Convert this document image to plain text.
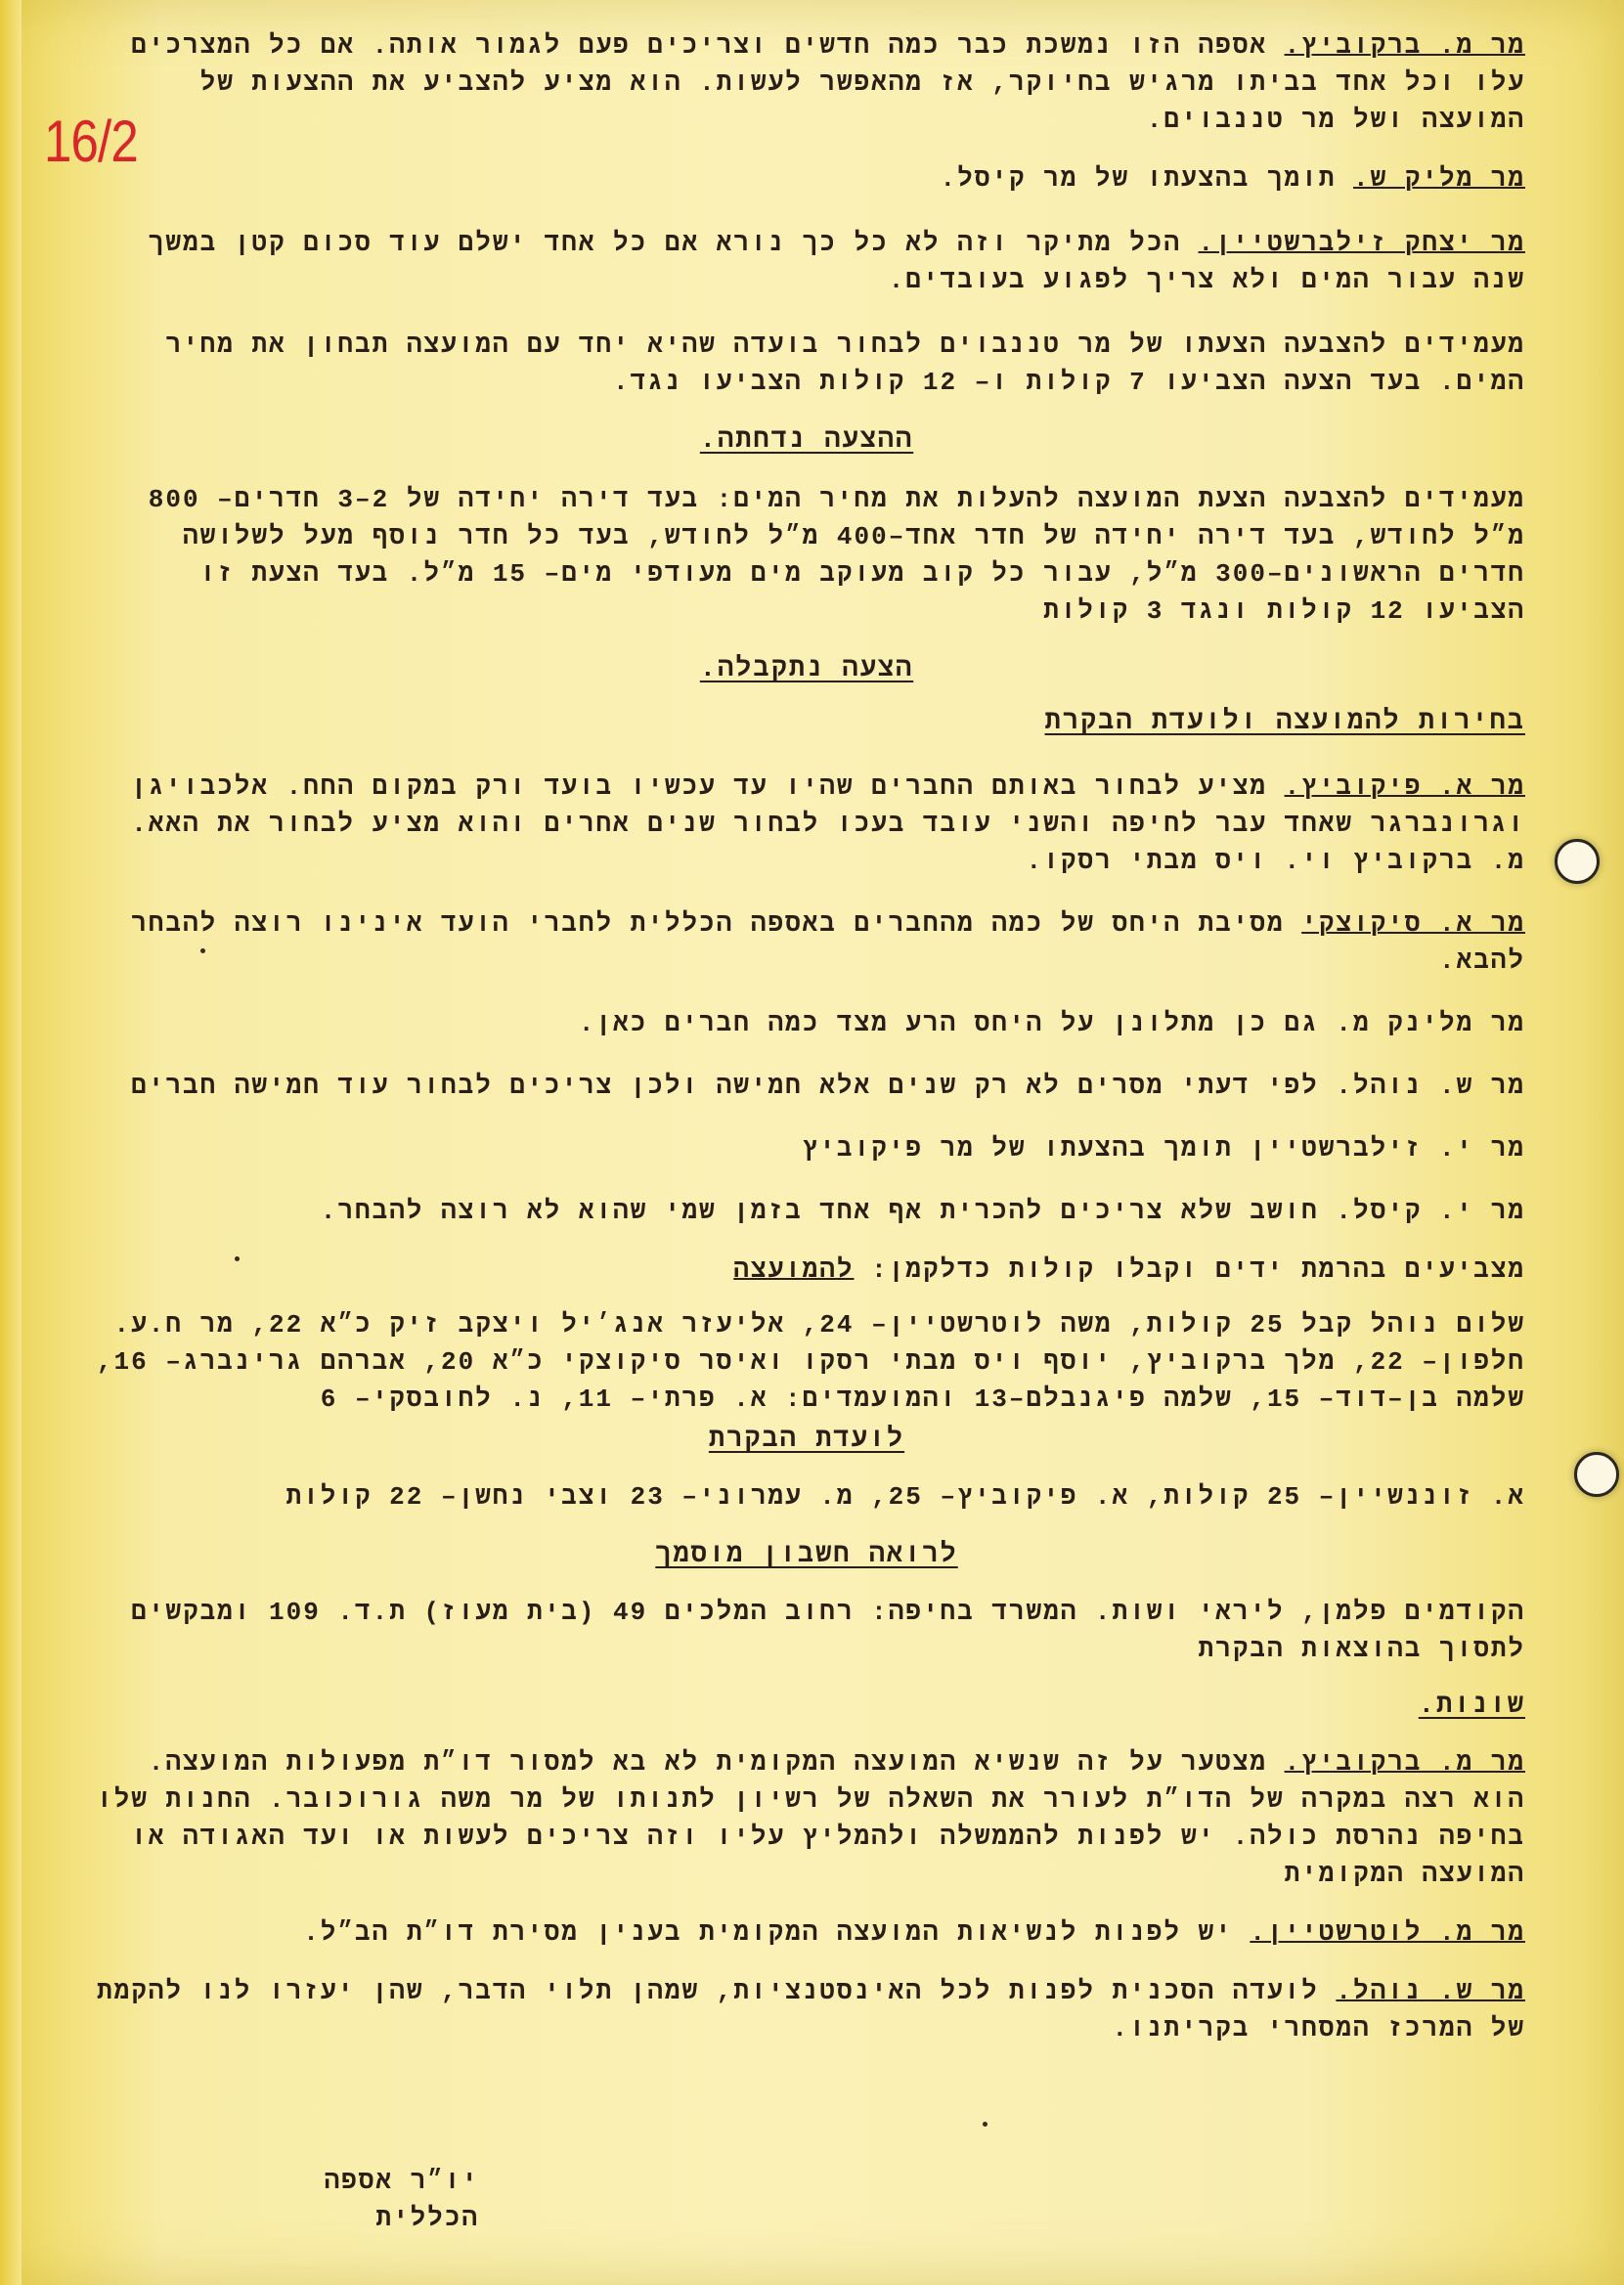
16/2

מר מ. ברקוביץ. אספה הזו נמשכת כבר כמה חדשים וצריכים פעם לגמור אותה. אם כל המצרכים עלו וכל אחד בביתו מרגיש בחיוקר, אז מהאפשר לעשות. הוא מציע להצביע את ההצעות של המועצה ושל מר טננבוים.

מר מליק ש. תומך בהצעתו של מר קיסל.

מר יצחק זילברשטיין. הכל מתיקר וזה לא כל כך נורא אם כל אחד ישלם עוד סכום קטן במשך שנה עבור המים ולא צריך לפגוע בעובדים.

מעמידים להצבעה הצעתו של מר טננבוים לבחור בועדה שהיא יחד עם המועצה תבחון את מחיר המים. בעד הצעה הצביעו 7 קולות ו– 12 קולות הצביעו נגד.

ההצעה נדחתה.

מעמידים להצבעה הצעת המועצה להעלות את מחיר המים: בעד דירה יחידה של 2–3 חדרים– 800 מ״ל לחודש, בעד דירה יחידה של חדר אחד–400 מ״ל לחודש, בעד כל חדר נוסף מעל לשלושה חדרים הראשונים–300 מ״ל, עבור כל קוב מעוקב מים מעודפי מים– 15 מ״ל. בעד הצעת זו הצביעו 12 קולות ונגד 3 קולות

הצעה נתקבלה.

בחירות להמועצה ולועדת הבקרת

מר א. פיקוביץ. מציע לבחור באותם החברים שהיו עד עכשיו בועד ורק במקום החח. אלכבויגן וגרונברגר שאחד עבר לחיפה והשני עובד בעכו לבחור שנים אחרים והוא מציע לבחור את האא. מ. ברקוביץ וי. ויס מבתי רסקו.

מר א. סיקוצקי מסיבת היחס של כמה מהחברים באספה הכללית לחברי הועד אינינו רוצה להבחר להבא.

מר מלינק מ. גם כן מתלונן על היחס הרע מצד כמה חברים כאן.

מר ש. נוהל. לפי דעתי מסרים לא רק שנים אלא חמישה ולכן צריכים לבחור עוד חמישה חברים

מר י. זילברשטיין תומך בהצעתו של מר פיקוביץ

מר י. קיסל. חושב שלא צריכים להכרית אף אחד בזמן שמי שהוא לא רוצה להבחר.

מצביעים בהרמת ידים וקבלו קולות כדלקמן: להמועצה

שלום נוהל קבל 25 קולות, משה לוטרשטיין– 24, אליעזר אנג׳יל ויצקב זיק כ״א 22, מר ח.ע. חלפון– 22, מלך ברקוביץ, יוסף ויס מבתי רסקו ואיסר סיקוצקי כ״א 20, אברהם גרינברג– 16, שלמה בן–דוד– 15, שלמה פיגנבלם–13 והמועמדים: א. פרתי– 11, נ. לחובסקי– 6

לועדת הבקרת

א. זוננשיין– 25 קולות, א. פיקוביץ– 25, מ. עמרוני– 23 וצבי נחשן– 22 קולות

לרואה חשבון מוסמך

הקודמים פלמן, ליראי ושות. המשרד בחיפה: רחוב המלכים 49 (בית מעוז) ת.ד. 109 ומבקשים לתסוך בהוצאות הבקרת

שונות.

מר מ. ברקוביץ. מצטער על זה שנשיא המועצה המקומית לא בא למסור דו״ת מפעולות המועצה. הוא רצה במקרה של הדו״ת לעורר את השאלה של רשיון לתנותו של מר משה גורוכובר. החנות שלו בחיפה נהרסת כולה. יש לפנות להממשלה ולהמליץ עליו וזה צריכים לעשות או ועד האגודה או המועצה המקומית

מר מ. לוטרשטיין. יש לפנות לנשיאות המועצה המקומית בענין מסירת דו״ת הב״ל.

מר ש. נוהל. לועדה הסכנית לפנות לכל האינסטנציות, שמהן תלוי הדבר, שהן יעזרו לנו להקמת של המרכז המסחרי בקריתנו.

יו״ר אספה
הכללית
